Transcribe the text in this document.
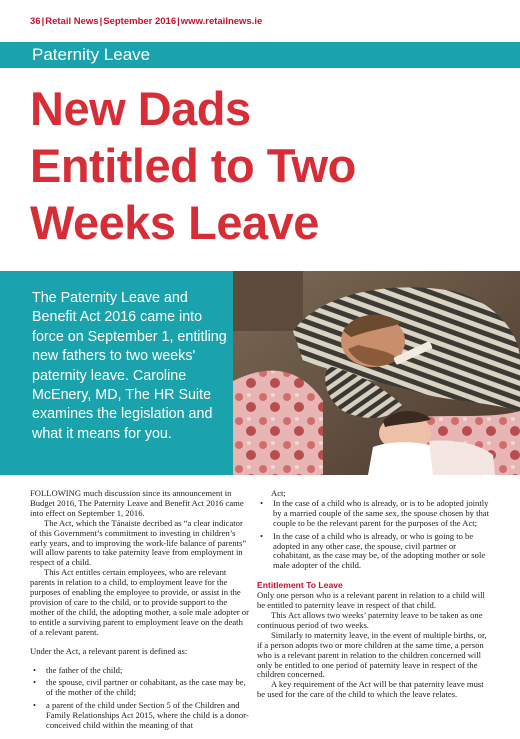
36|Retail News|September 2016|www.retailnews.ie
Paternity Leave
New Dads
Entitled to Two
Weeks Leave

The Paternity Leave and Benefit Act 2016 came into force on September 1, entitling new fathers to two weeks' paternity leave. Caroline McEnery, MD, The HR Suite examines the legislation and what it means for you.

FOLLOWING much discussion since its announcement in Budget 2016, The Paternity Leave and Benefit Act 2016 came into effect on September 1, 2016.

The Act, which the Tánaiste decribed as “a clear indicator of this Government’s commitment to investing in children’s early years, and to improving the work-life balance of parents” will allow parents to take paternity leave from employment in respect of a child.

This Act entitles certain employees, who are relevant parents in relation to a child, to employment leave for the purposes of enabling the employee to provide, or assist in the provision of care to the child, or to provide support to the mother of the child, the adopting mother, a sole male adopter or to entitle a surviving parent to employment leave on the death of a relevant parent.

Under the Act, a relevant parent is defined as:

• the father of the child;
• the spouse, civil partner or cohabitant, as the case may be, of the mother of the child;
• a parent of the child under Section 5 of the Children and Family Relationships Act 2015, where the child is a donor-conceived child within the meaning of that

Act;

• In the case of a child who is already, or is to be adopted jointly by a married couple of the same sex, the spouse chosen by that couple to be the relevant parent for the purposes of the Act;
• In the case of a child who is already, or who is going to be adopted in any other case, the spouse, civil partner or cohabitant, as the case may be, of the adopting mother or sole male adopter of the child.
Entitlement To Leave

Only one person who is a relevant parent in relation to a child will be entitled to paternity leave in respect of that child.

This Act allows two weeks’ paternity leave to be taken as one continuous period of two weeks.

Similarly to maternity leave, in the event of multiple births, or, if a person adopts two or more children at the same time, a person who is a relevant parent in relation to the children concerned will only be entitled to one period of paternity leave in respect of the children concerned.

A key requirement of the Act will be that paternity leave must be used for the care of the child to which the leave relates.
